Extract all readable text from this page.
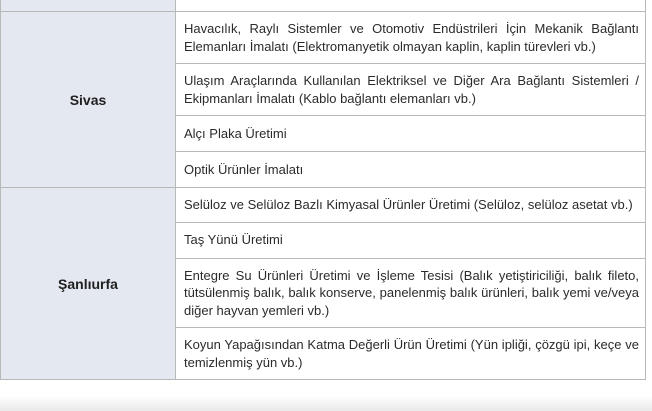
Sivas	Havacılık, Raylı Sistemler ve Otomotiv Endüstrileri İçin Mekanik Bağlantı Elemanları İmalatı (Elektromanyetik olmayan kaplin, kaplin türevleri vb.)
	Ulaşım Araçlarında Kullanılan Elektriksel ve Diğer Ara Bağlantı Sistemleri / Ekipmanları İmalatı (Kablo bağlantı elemanları vb.)
	Alçı Plaka Üretimi
	Optik Ürünler İmalatı
Şanlıurfa	Selüloz ve Selüloz Bazlı Kimyasal Ürünler Üretimi (Selüloz, selüloz asetat vb.)
	Taş Yünü Üretimi
	Entegre Su Ürünleri Üretimi ve İşleme Tesisi (Balık yetiştiriciliği, balık fileto, tütsülenmiş balık, balık konserve, panelenmiş balık ürünleri, balık yemi ve/veya diğer hayvan yemleri vb.)
	Koyun Yapağısından Katma Değerli Ürün Üretimi (Yün ipliği, çözgü ipi, keçe ve temizlenmiş yün vb.)
